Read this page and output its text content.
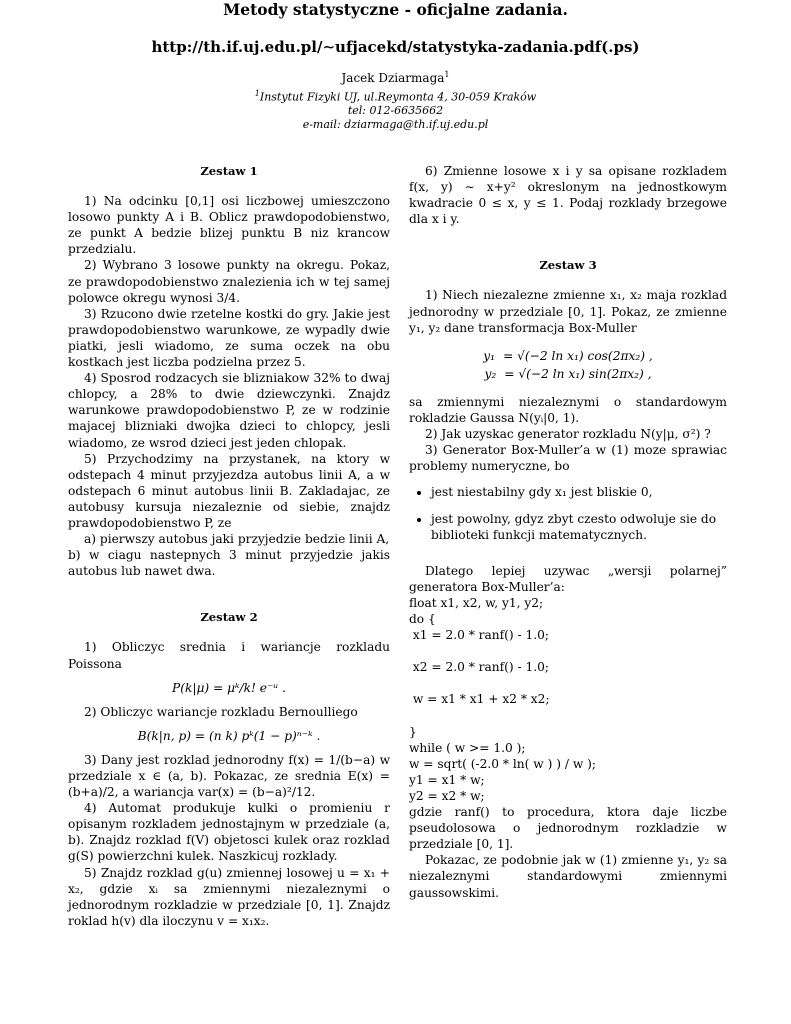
Metody statystyczne - oficjalne zadania.
http://th.if.uj.edu.pl/∼ufjacekd/statystyka-zadania.pdf(.ps)
Jacek Dziarmaga$^1$
$^1$Instytut Fizyki UJ, ul.Reymonta 4, 30-059 Kraków
tel: 012-6635662
e-mail: dziarmaga@th.if.uj.edu.pl
Zestaw 1

1) Na odcinku [0,1] osi liczbowej umieszczono losowo punkty A i B. Oblicz prawdopodobienstwo, ze punkt A bedzie blizej punktu B niz krancow przedzialu.

2) Wybrano 3 losowe punkty na okregu. Pokaz, ze prawdopodobienstwo znalezienia ich w tej samej polowce okregu wynosi 3/4.

3) Rzucono dwie rzetelne kostki do gry. Jakie jest prawdopodobienstwo warunkowe, ze wypadly dwie piatki, jesli wiadomo, ze suma oczek na obu kostkach jest liczba podzielna przez 5.

4) Sposrod rodzacych sie blizniakow 32% to dwaj chlopcy, a 28% to dwie dziewczynki. Znajdz warunkowe prawdopodobienstwo P, ze w rodzinie majacej blizniaki dwojka dzieci to chlopcy, jesli wiadomo, ze wsrod dzieci jest jeden chlopak.

5) Przychodzimy na przystanek, na ktory w odstepach 4 minut przyjezdza autobus linii A, a w odstepach 6 minut autobus linii B. Zakladajac, ze autobusy kursuja niezaleznie od siebie, znajdz prawdopodobienstwo P, ze

a) pierwszy autobus jaki przyjedzie bedzie linii A,

b) w ciagu nastepnych 3 minut przyjedzie jakis autobus lub nawet dwa.

Zestaw 2

1) Obliczyc srednia i wariancje rozkladu Poissona

P(k|μ) = μᵏ/k! e⁻ᵘ .

2) Obliczyc wariancje rozkladu Bernoulliego

B(k|n, p) = (n k) pᵏ(1 − p)ⁿ⁻ᵏ .

3) Dany jest rozklad jednorodny f(x) = 1/(b−a) w przedziale x ∈ (a, b). Pokazac, ze srednia E(x) = (b+a)/2, a wariancja var(x) = (b−a)²/12.

4) Automat produkuje kulki o promieniu r opisanym rozkladem jednostajnym w przedziale (a, b). Znajdz rozklad f(V) objetosci kulek oraz rozklad g(S) powierzchni kulek. Naszkicuj rozklady.

5) Znajdz rozklad g(u) zmiennej losowej u = x₁ + x₂, gdzie xᵢ sa zmiennymi niezaleznymi o jednorodnym rozkladzie w przedziale [0, 1]. Znajdz roklad h(v) dla iloczynu v = x₁x₂.

6) Zmienne losowe x i y sa opisane rozkladem f(x, y) ∼ x+y² okreslonym na jednostkowym kwadracie 0 ≤ x, y ≤ 1. Podaj rozklady brzegowe dla x i y.

Zestaw 3

1) Niech niezalezne zmienne x₁, x₂ maja rozklad jednorodny w przedziale [0, 1]. Pokaz, ze zmienne y₁, y₂ dane transformacja Box-Muller

y₁ = √(−2 ln x₁) cos(2πx₂) ,
y₂ = √(−2 ln x₁) sin(2πx₂) ,

sa zmiennymi niezaleznymi o standardowym rokladzie Gaussa N(yᵢ|0, 1).

2) Jak uzyskac generator rozkladu N(y|μ, σ²) ?

3) Generator Box-Muller’a w (1) moze sprawiac problemy numeryczne, bo

• jest niestabilny gdy x₁ jest bliskie 0,
• jest powolny, gdyz zbyt czesto odwoluje sie do biblioteki funkcji matematycznych.

Dlatego lepiej uzywac „wersji polarnej” generatora Box-Muller’a:

float x1, x2, w, y1, y2;
do {
x1 = 2.0 * ranf() - 1.0;

x2 = 2.0 * ranf() - 1.0;

w = x1 * x1 + x2 * x2;

}
while ( w >= 1.0 );
w = sqrt( (-2.0 * ln( w ) ) / w );
y1 = x1 * w;
y2 = x2 * w;

gdzie ranf() to procedura, ktora daje liczbe pseudolosowa o jednorodnym rozkladzie w przedziale [0, 1].

Pokazac, ze podobnie jak w (1) zmienne y₁, y₂ sa niezaleznymi standardowymi zmiennymi gaussowskimi.
